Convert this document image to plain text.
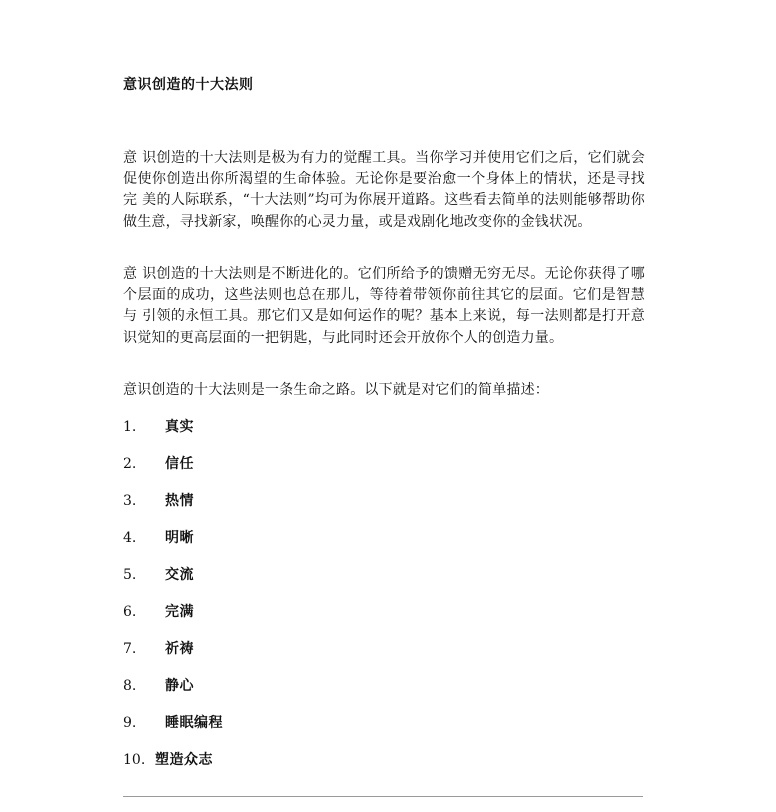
意识创造的十大法则

意 识创造的十大法则是极为有力的觉醒工具。当你学习并使用它们之后，它们就会促使你创造出你所渴望的生命体验。无论你是要治愈一个身体上的情状，还是寻找完 美的人际联系，“十大法则”均可为你展开道路。这些看去简单的法则能够帮助你做生意，寻找新家，唤醒你的心灵力量，或是戏剧化地改变你的金钱状况。

意 识创造的十大法则是不断进化的。它们所给予的馈赠无穷无尽。无论你获得了哪个层面的成功，这些法则也总在那儿，等待着带领你前往其它的层面。它们是智慧与 引领的永恒工具。那它们又是如何运作的呢？基本上来说，每一法则都是打开意识觉知的更高层面的一把钥匙，与此同时还会开放你个人的创造力量。

意识创造的十大法则是一条生命之路。以下就是对它们的简单描述：

1. 真实
2. 信任
3. 热情
4. 明晰
5. 交流
6. 完满
7. 祈祷
8. 静心
9. 睡眠编程
10. 塑造众志
